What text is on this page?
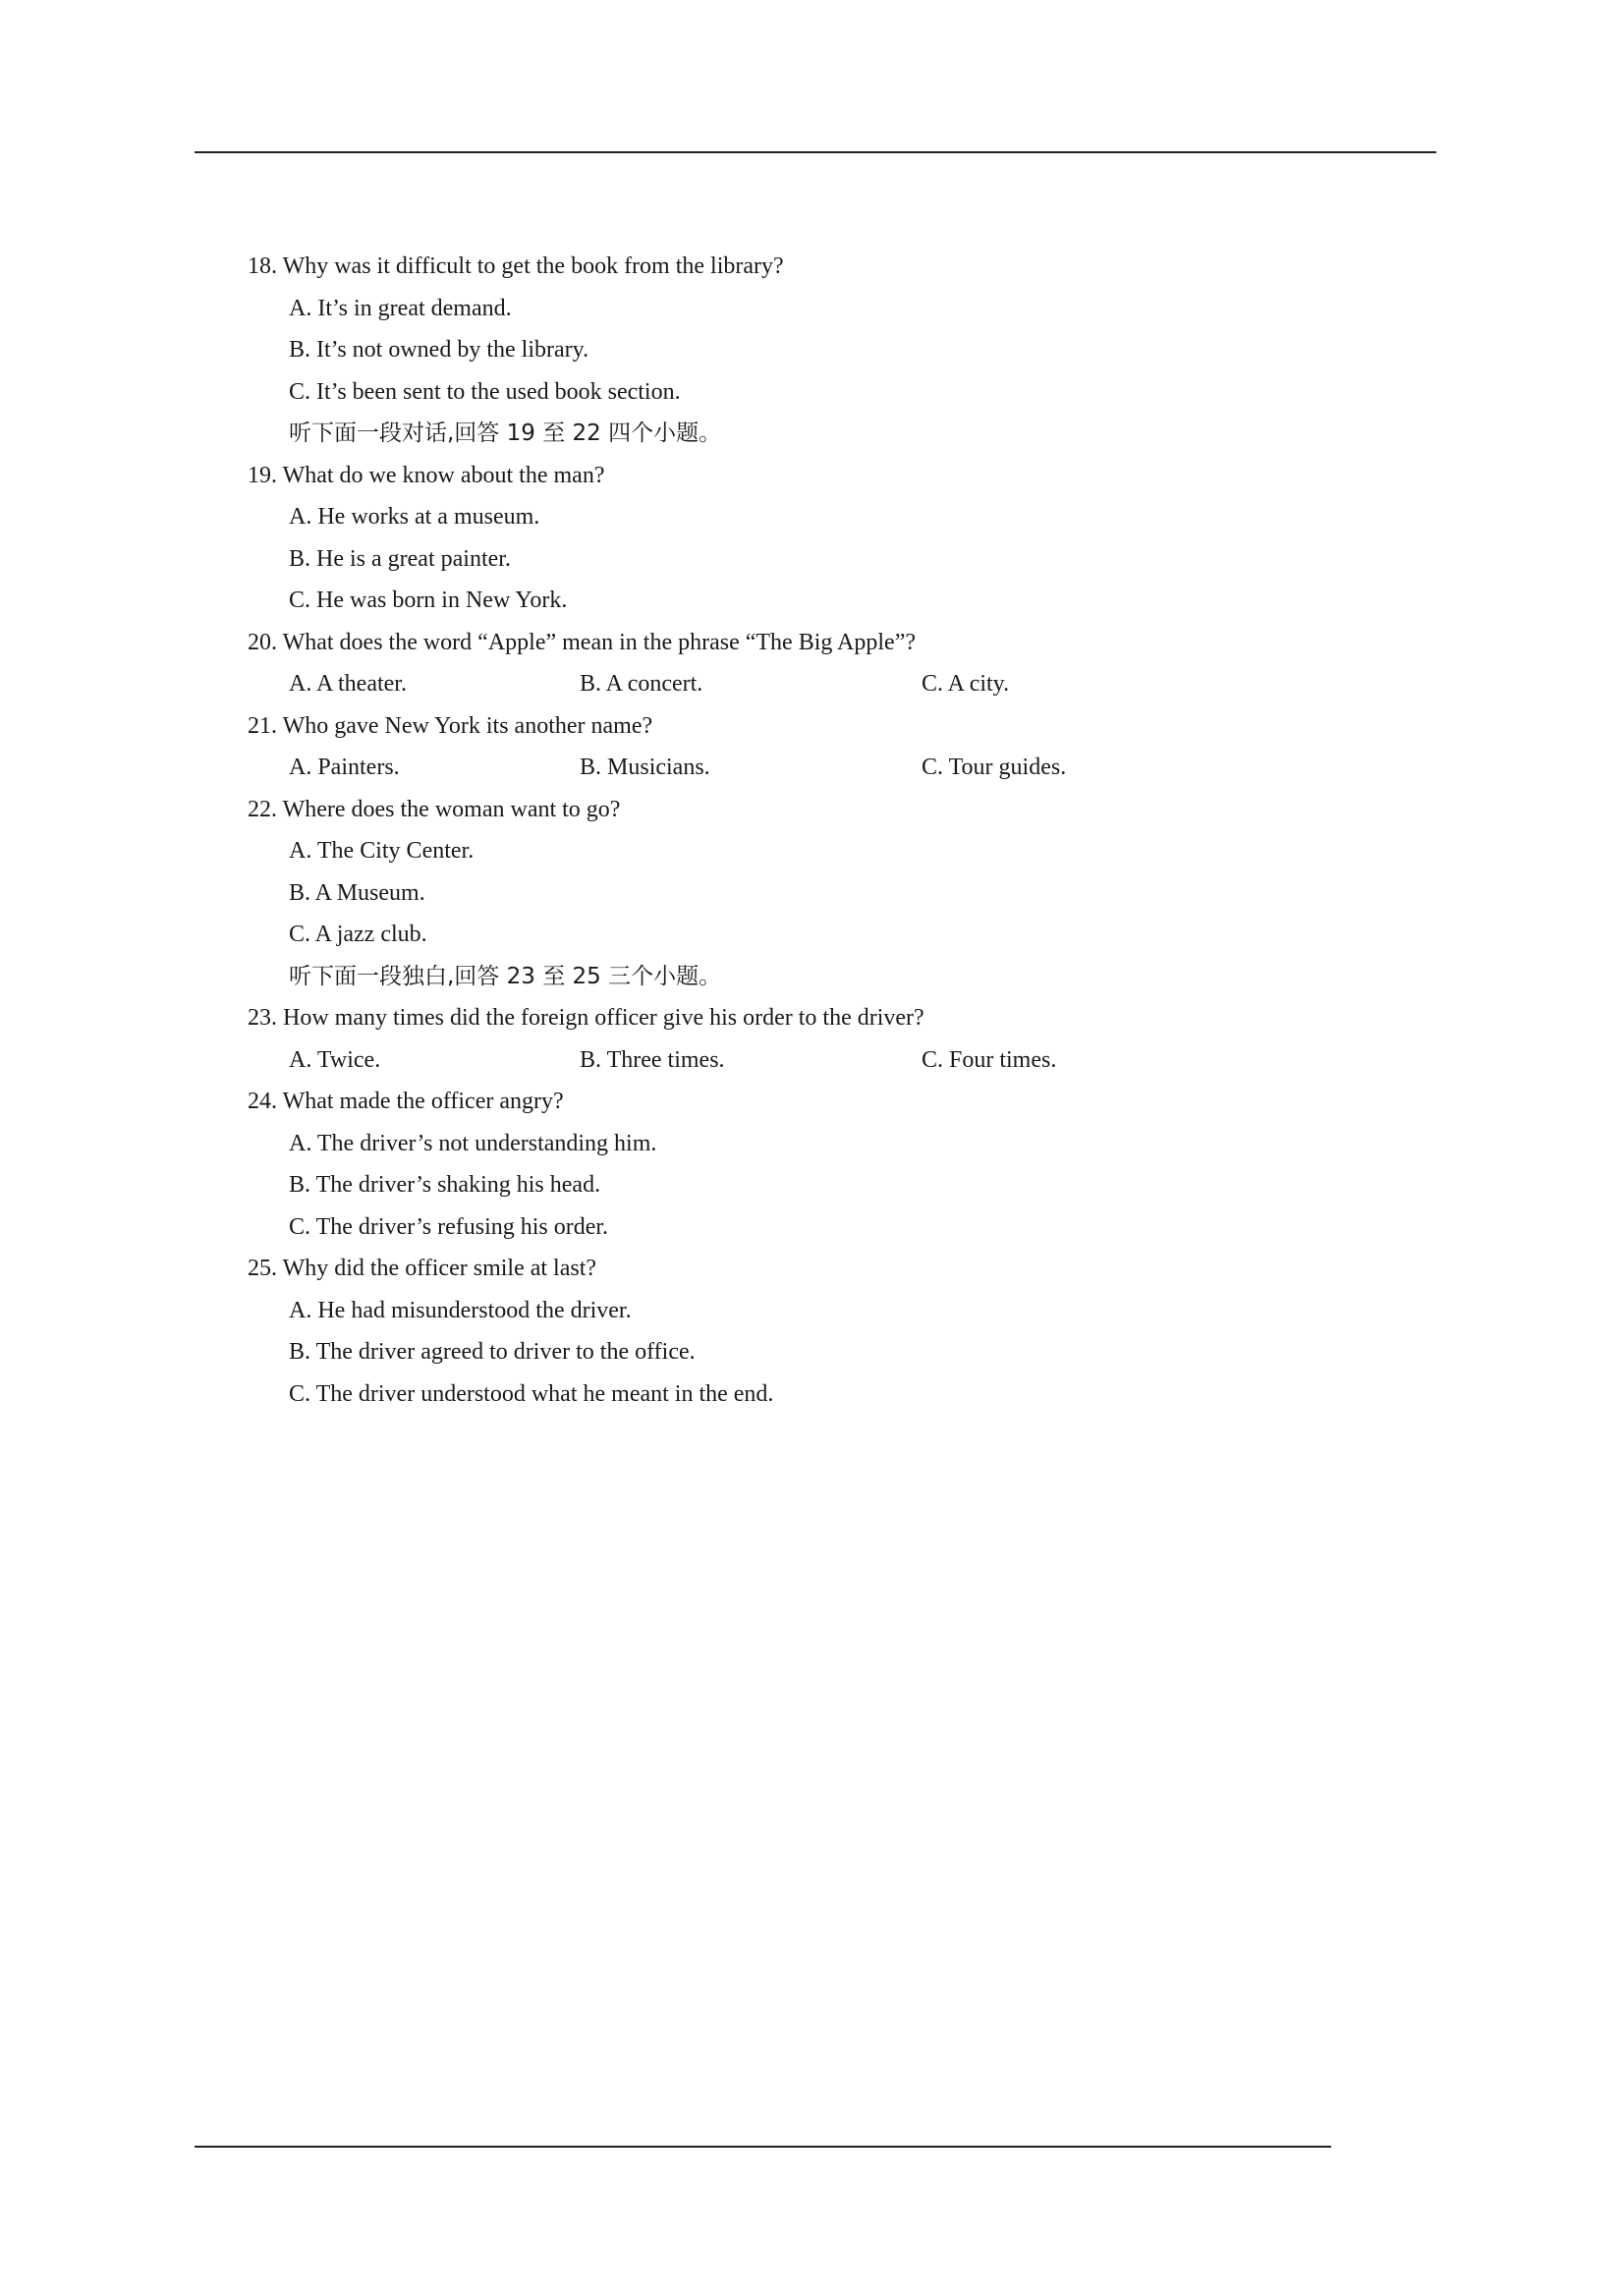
18. Why was it difficult to get the book from the library?
A. It’s in great demand.
B. It’s not owned by the library.
C. It’s been sent to the used book section.
听下面一段对话,回答 19 至 22 四个小题。
19. What do we know about the man?
A. He works at a museum.
B. He is a great painter.
C. He was born in New York.
20. What does the word “Apple” mean in the phrase “The Big Apple”?
A. A theater.	B. A concert.	C. A city.
21. Who gave New York its another name?
A. Painters.	B. Musicians.	C. Tour guides.
22. Where does the woman want to go?
A. The City Center.
B. A Museum.
C. A jazz club.
听下面一段独白,回答 23 至 25 三个小题。
23. How many times did the foreign officer give his order to the driver?
A. Twice.	B. Three times.	C. Four times.
24. What made the officer angry?
A. The driver’s not understanding him.
B. The driver’s shaking his head.
C. The driver’s refusing his order.
25. Why did the officer smile at last?
A. He had misunderstood the driver.
B. The driver agreed to driver to the office.
C. The driver understood what he meant in the end.
